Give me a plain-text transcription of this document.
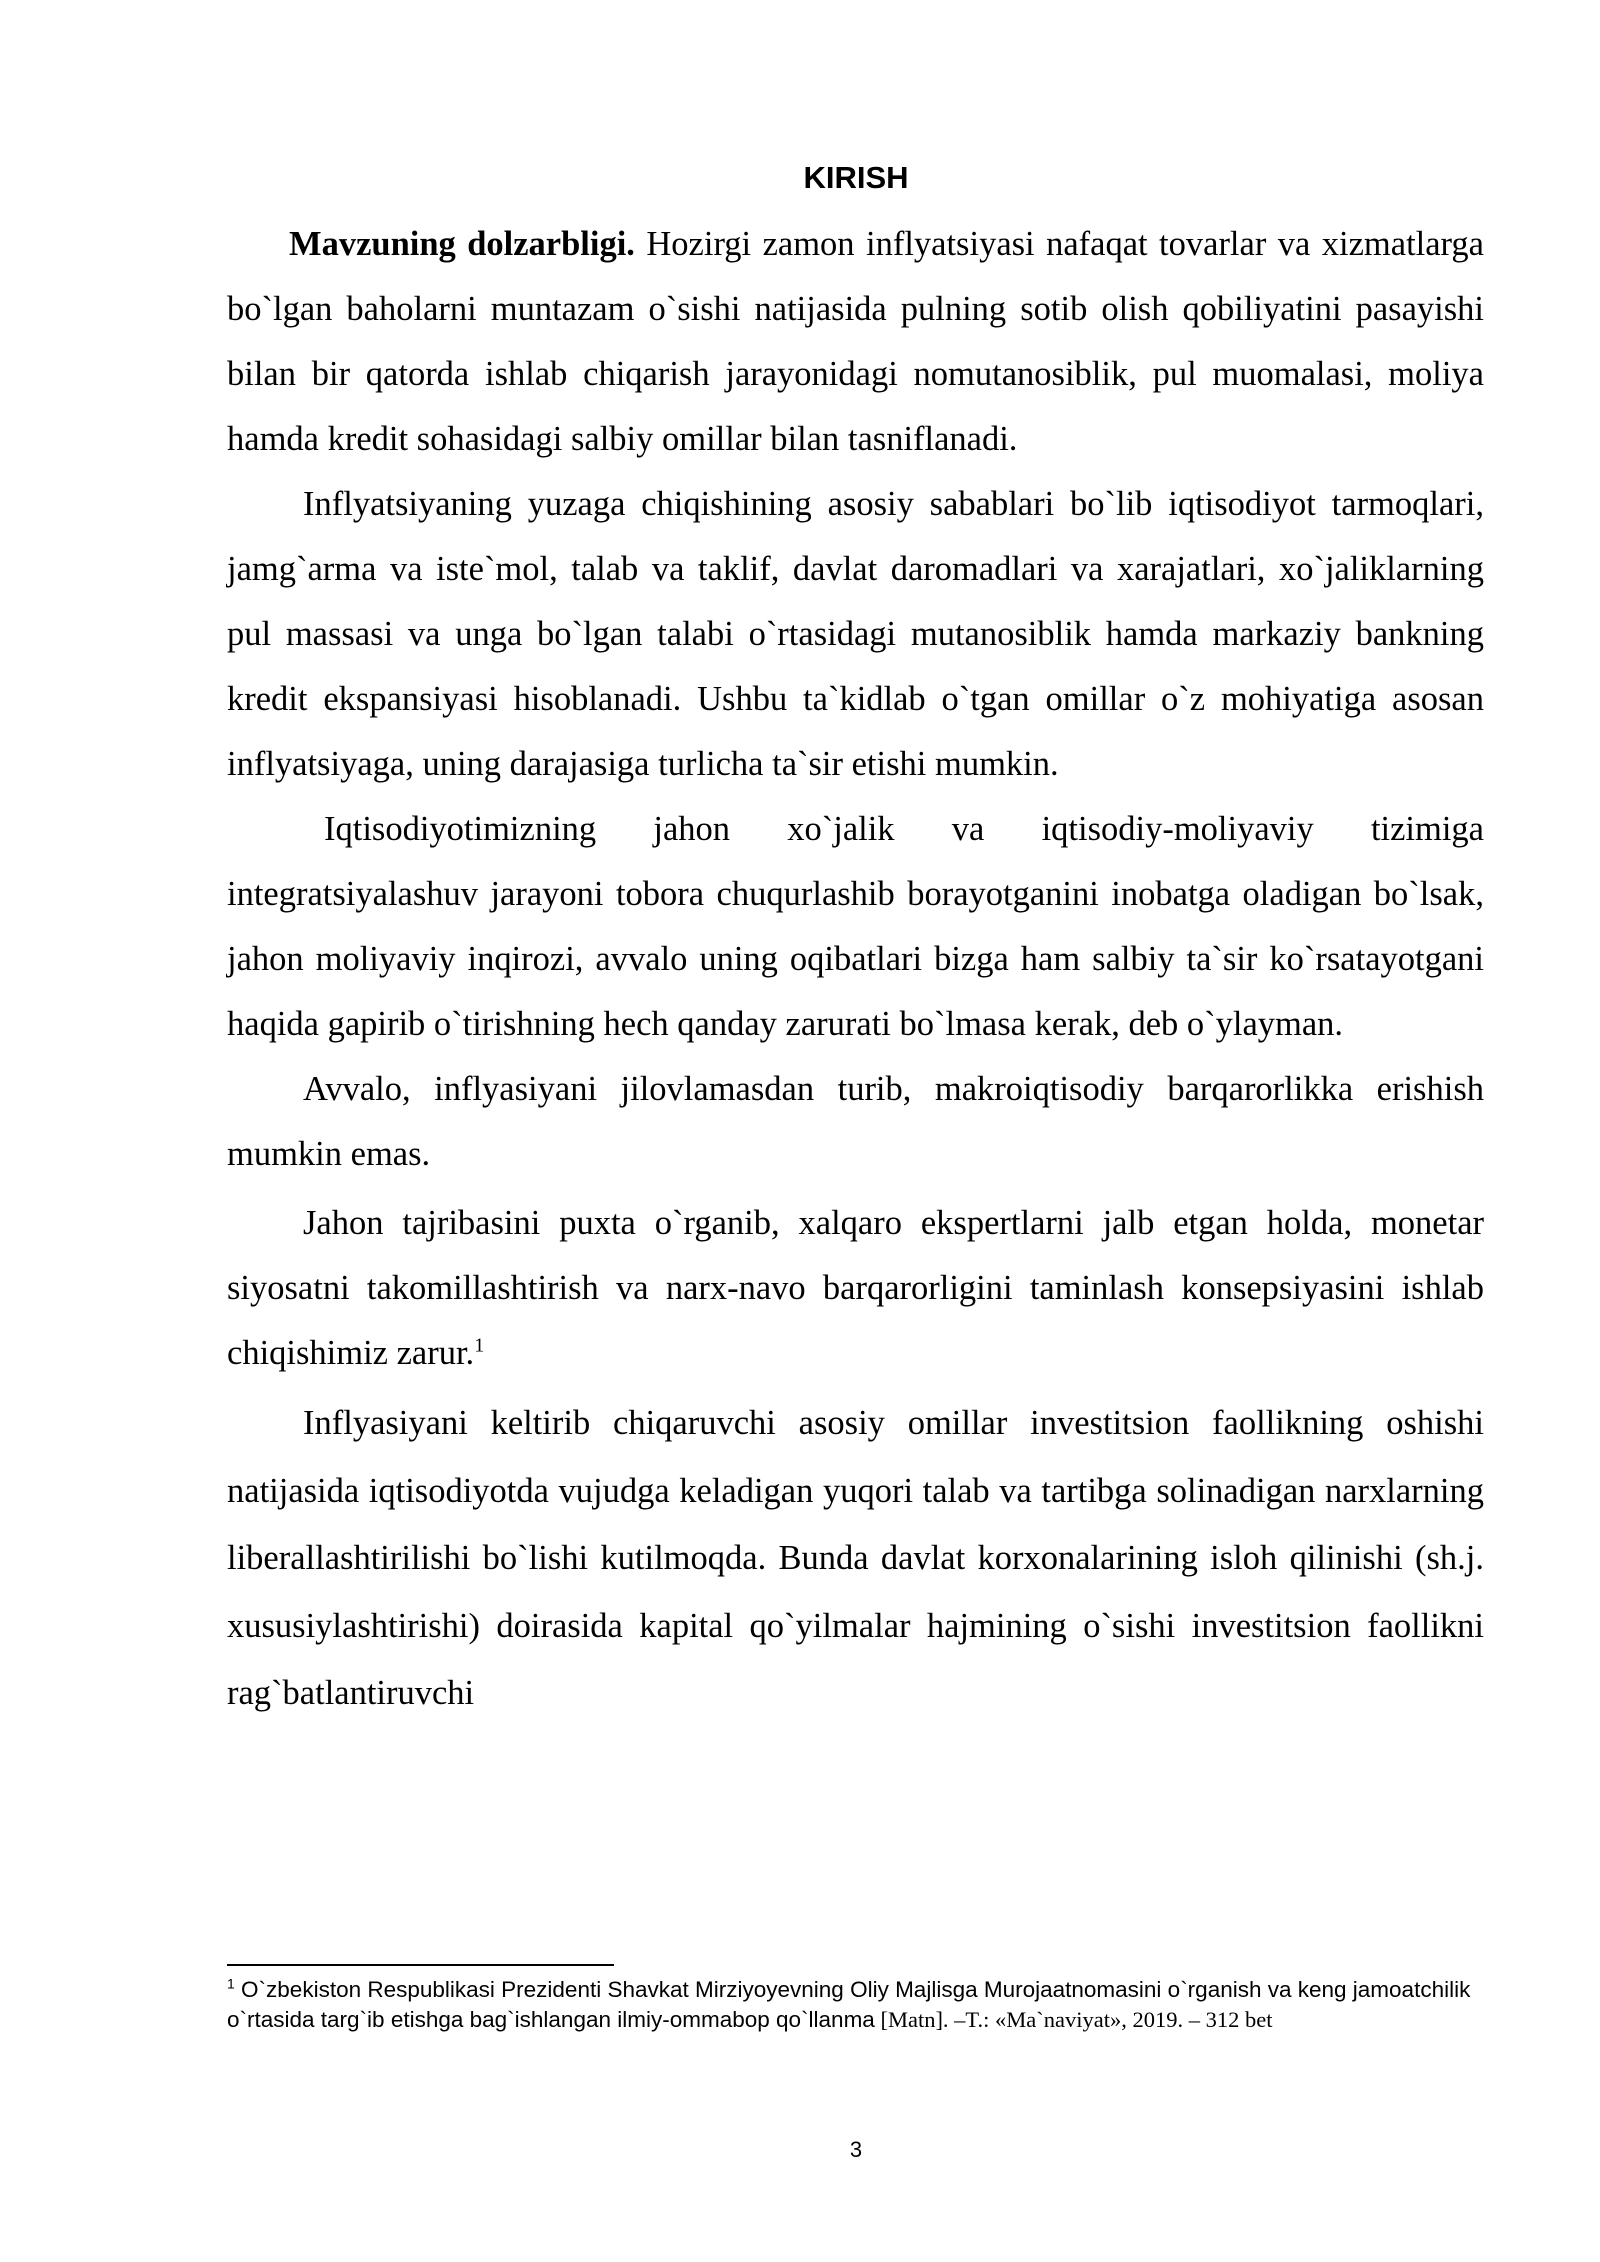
KIRISH

Mavzuning dolzarbligi. Hozirgi zamon inflyatsiyasi nafaqat tovarlar va xizmatlarga bo`lgan baholarni muntazam o`sishi natijasida pulning sotib olish qobiliyatini pasayishi bilan bir qatorda ishlab chiqarish jarayonidagi nomutanosiblik, pul muomalasi, moliya hamda kredit sohasidagi salbiy omillar bilan tasniflanadi.

Inflyatsiyaning yuzaga chiqishining asosiy sabablari bo`lib iqtisodiyot tarmoqlari, jamg`arma va iste`mol, talab va taklif, davlat daromadlari va xarajatlari, xo`jaliklarning pul massasi va unga bo`lgan talabi o`rtasidagi mutanosiblik hamda markaziy bankning kredit ekspansiyasi hisoblanadi. Ushbu ta`kidlab o`tgan omillar o`z mohiyatiga asosan inflyatsiyaga, uning darajasiga turlicha ta`sir etishi mumkin.

Iqtisodiyotimizning jahon xo`jalik va iqtisodiy-moliyaviy tizimiga integratsiyalashuv jarayoni tobora chuqurlashib borayotganini inobatga oladigan bo`lsak, jahon moliyaviy inqirozi, avvalo uning oqibatlari bizga ham salbiy ta`sir ko`rsatayotgani haqida gapirib o`tirishning hech qanday zarurati bo`lmasa kerak, deb o`ylayman.

Avvalo, inflyasiyani jilovlamasdan turib, makroiqtisodiy barqarorlikka erishish mumkin emas.

Jahon tajribasini puxta o`rganib, xalqaro ekspertlarni jalb etgan holda, monetar siyosatni takomillashtirish va narx-navo barqarorligini taminlash konsepsiyasini ishlab chiqishimiz zarur.$^1$

Inflyasiyani keltirib chiqaruvchi asosiy omillar investitsion faollikning oshishi natijasida iqtisodiyotda vujudga keladigan yuqori talab va tartibga solinadigan narxlarning liberallashtirilishi bo`lishi kutilmoqda. Bunda davlat korxonalarining isloh qilinishi (sh.j. xususiylashtirishi) doirasida kapital qo`yilmalar hajmining o`sishi investitsion faollikni rag`batlantiruvchi

$^1$ O`zbekiston Respublikasi Prezidenti Shavkat Mirziyoyevning Oliy Majlisga Murojaatnomasini o`rganish va keng jamoatchilik o`rtasida targ`ib etishga bag`ishlangan ilmiy-ommabop qo`llanma [Matn]. –T.: «Ma`naviyat», 2019. – 312 bet
3
